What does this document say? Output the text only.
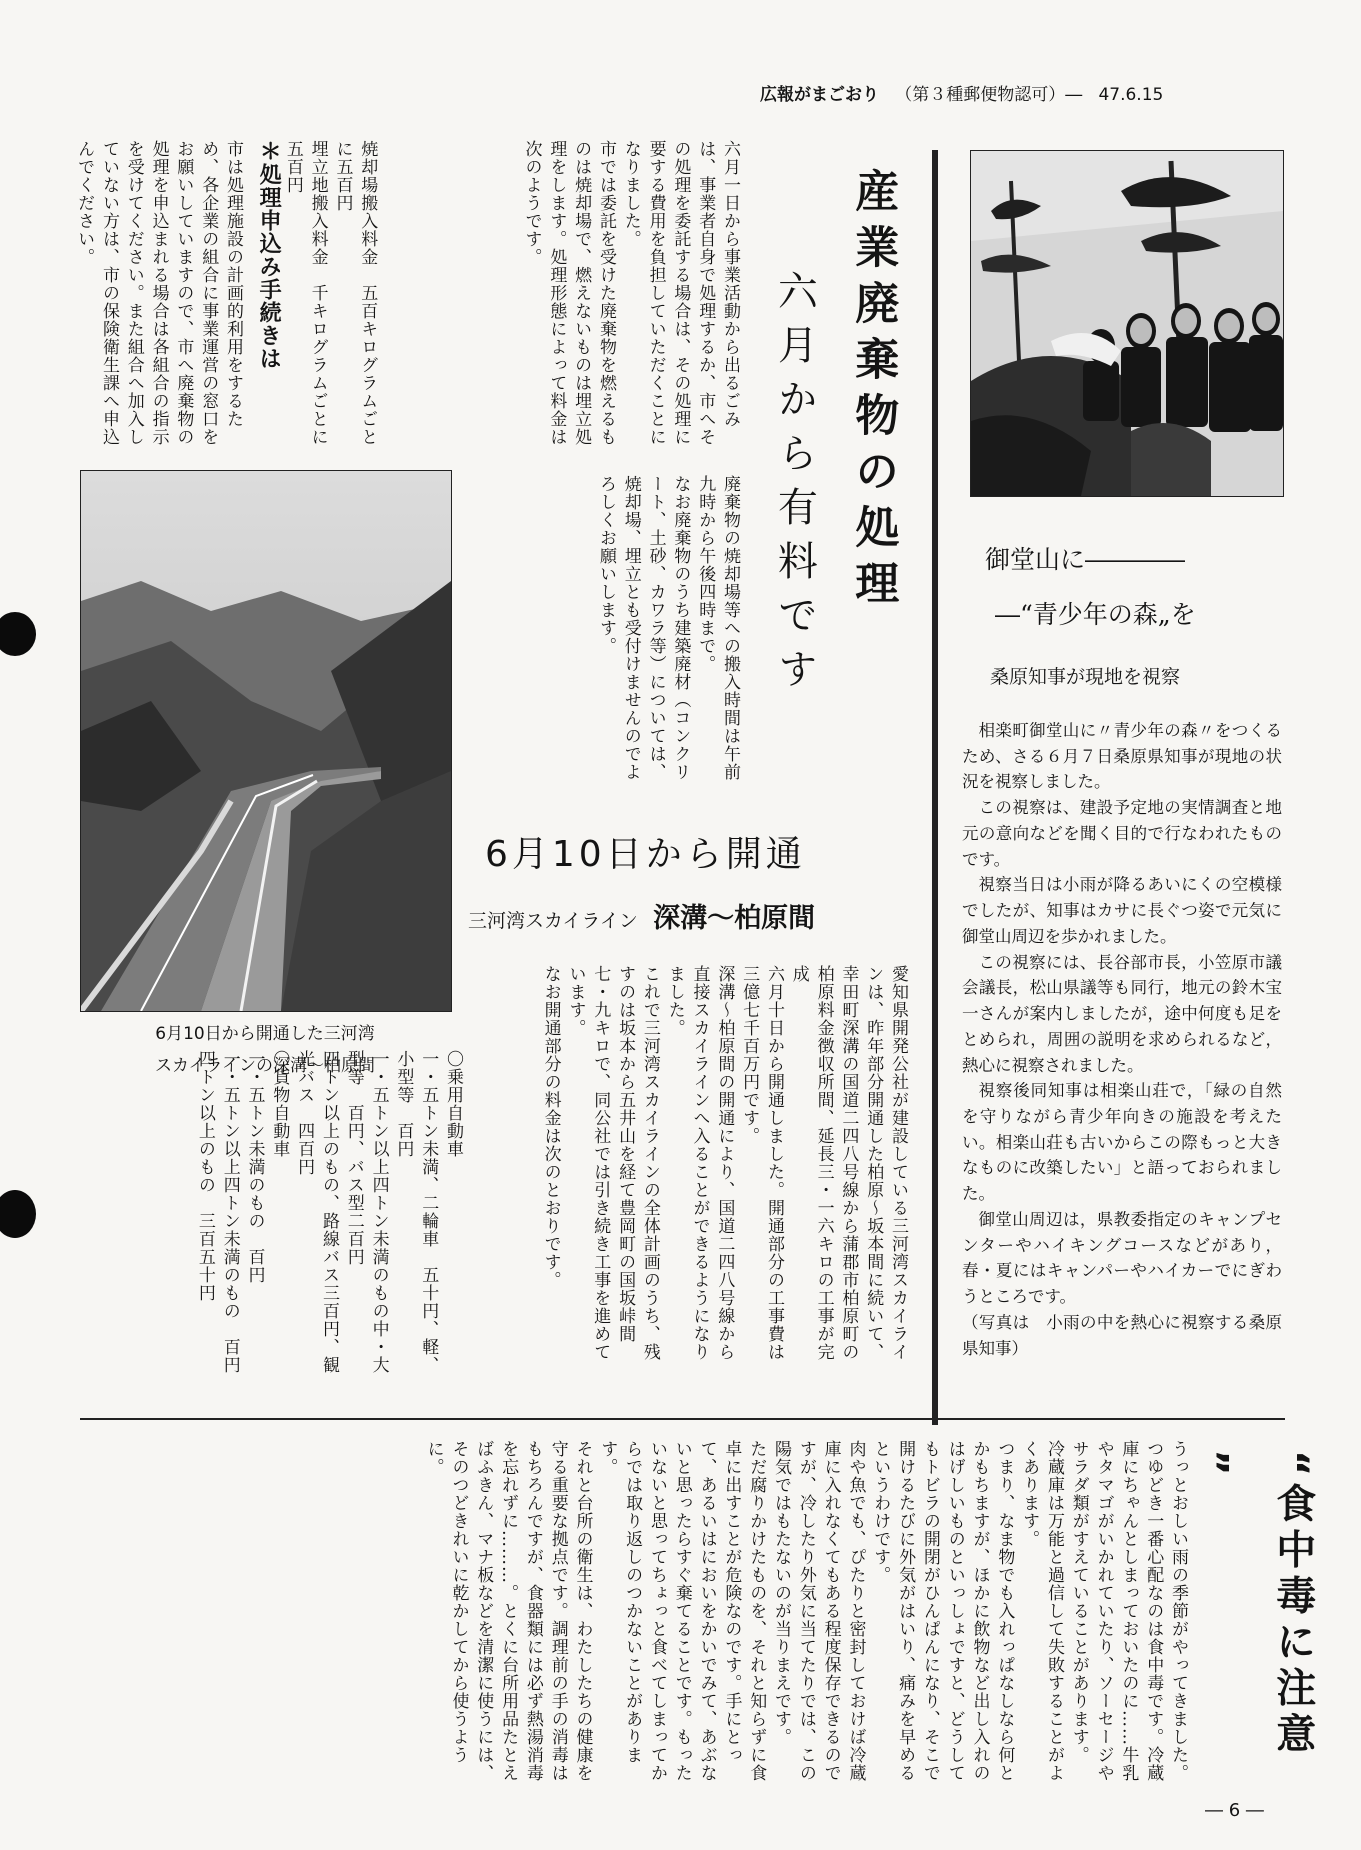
広報がまごおり （第３種郵便物認可）―   47.6.15
産業廃棄物の処理
六月から有料です
六月一日から事業活動から出るごみは、事業者自身で処理するか、市へその処理を委託する場合は、その処理に要する費用を負担していただくことになりました。
市では委託を受けた廃棄物を燃えるものは焼却場で、燃えないものは埋立処理をします。処理形態によって料金は次のようです。
焼却場搬入料金　五百キログラムごとに五百円
埋立地搬入料金　千キログラムごとに五百円
＊処理申込み手続きは
市は処理施設の計画的利用をするため、各企業の組合に事業運営の窓口をお願いしていますので、市へ廃棄物の処理を申込まれる場合は各組合の指示を受けてください。また組合へ加入していない方は、市の保険衛生課へ申込んでください。
廃棄物の焼却場等への搬入時間は午前九時から午後四時まで。
なお廃棄物のうち建築廃材（コンクリート、土砂、カワラ等）については、焼却場、埋立とも受付けませんのでよろしくお願いします。
6月10日から開通した三河湾
スカイラインの深溝～柏原間
6月10日から開通
三河湾スカイライン 深溝～柏原間
愛知県開発公社が建設している三河湾スカイラインは、昨年部分開通した柏原～坂本間に続いて、幸田町深溝の国道二四八号線から蒲郡市柏原町の柏原料金徴収所間、延長三・一六キロの工事が完成
六月十日から開通しました。開通部分の工事費は三億七千百万円です。
深溝～柏原間の開通により、国道二四八号線から直接スカイラインへ入ることができるようになりました。
これで三河湾スカイラインの全体計画のうち、残すのは坂本から五井山を経て豊岡町の国坂峠間七・九キロで、同公社では引き続き工事を進めています。
なお開通部分の料金は次のとおりです。
〇乗用自動車
一・五トン未満、二輪車　五十円、軽、小型等　百円
一・五トン以上四トン未満のもの中・大型等　百円、バス型二百円
四トン以上のもの、路線バス三百円、観光バス　四百円
〇貨物自動車
一・五トン未満のもの　百円
一・五トン以上四トン未満のもの　百円
四トン以上のもの　三百五十円
御堂山に――――
―“青少年の森„を
桑原知事が現地を視察
相楽町御堂山に〃青少年の森〃をつくるため、さる６月７日桑原県知事が現地の状況を視察しました。
この視察は、建設予定地の実情調査と地元の意向などを聞く目的で行なわれたものです。
視察当日は小雨が降るあいにくの空模様でしたが、知事はカサに長ぐつ姿で元気に御堂山周辺を歩かれました。
この視察には、長谷部市長，小笠原市議会議長，松山県議等も同行，地元の鈴木宝一さんが案内しましたが，途中何度も足をとめられ，周囲の説明を求められるなど，熱心に視察されました。
視察後同知事は相楽山荘で，「緑の自然を守りながら青少年向きの施設を考えたい。相楽山荘も古いからこの際もっと大きなものに改築したい」と語っておられました。
御堂山周辺は，県教委指定のキャンプセンターやハイキングコースなどがあり，春・夏にはキャンパーやハイカーでにぎわうところです。
（写真は　小雨の中を熱心に視察する桑原県知事）
“食中毒に注意„
うっとおしい雨の季節がやってきました。つゆどき一番心配なのは食中毒です。冷蔵庫にちゃんとしまっておいたのに……牛乳やタマゴがいかれていたり、ソーセージやサラダ類がすえていることがあります。
冷蔵庫は万能と過信して失敗することがよくあります。
つまり、なま物でも入れっぱなしなら何とかもちますが、ほかに飲物など出し入れのはげしいものといっしょですと、どうしてもトビラの開閉がひんぱんになり、そこで開けるたびに外気がはいり、痛みを早めるというわけです。
肉や魚でも、ぴたりと密封しておけば冷蔵庫に入れなくてもある程度保存できるのですが、冷したり外気に当てたりでは、この陽気ではもたないのが当りまえです。
ただ腐りかけたものを、それと知らずに食卓に出すことが危険なのです。手にとって、あるいはにおいをかいでみて、あぶないと思ったらすぐ棄てることです。もったいないと思ってちょっと食べてしまってからでは取り返しのつかないことがあります。
それと台所の衛生は、わたしたちの健康を守る重要な拠点です。調理前の手の消毒はもちろんですが、食器類には必ず熱湯消毒を忘れずに………。とくに台所用品たとえばふきん、マナ板などを清潔に使うには、そのつどきれいに乾かしてから使うように。
― 6 ―
